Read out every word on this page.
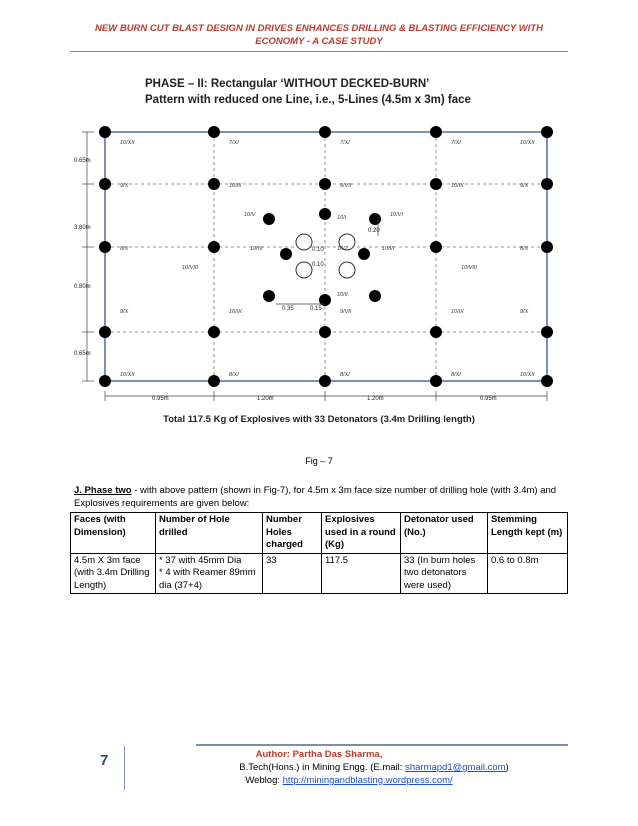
NEW BURN CUT BLAST DESIGN IN DRIVES ENHANCES DRILLING & BLASTING EFFICIENCY WITH
ECONOMY - A CASE STUDY
PHASE – II: Rectangular ‘WITHOUT DECKED-BURN’
Pattern with reduced one Line, i.e., 5-Lines (4.5m x 3m) face
10/XII	7/XI	7/XI	7/XI	10/XII
9/X	10/IX	9/VII	10/IX	9/X
10/V	10/I	10/VI
8/X	10/IV	10/Z	10/III	8/X
10/VIII	10/VIII
10/II
9/X	10/IX	9/VII	10/IX	9/X
10/XII	8/XI	8/XI	8/XI	10/XII
0.65m
3.80m
0.80m
0.65m
0.95m	1.20m	1.20m	0.95m
0.20
0.10
0.35	0.15
0.10
Total 117.5 Kg of Explosives with 33 Detonators (3.4m Drilling length)
Fig – 7
J. Phase two - with above pattern (shown in Fig-7), for 4.5m x 3m face size number of drilling hole (with 3.4m) and Explosives requirements are given below:
Faces (with Dimension)	Number of Hole drilled	Number Holes charged	Explosives used in a round (Kg)	Detonator used (No.)	Stemming Length kept (m)
4.5m X 3m face (with 3.4m Drilling Length)	* 37 with 45mm Dia
* 4 with Reamer 89mm dia (37+4)	33	117.5	33 (In burn holes two detonators were used)	0.6 to 0.8m
7	Author: Partha Das Sharma,
B.Tech(Hons.) in Mining Engg. (E.mail: sharmapd1@gmail.com)
Weblog: http://miningandblasting.wordpress.com/
